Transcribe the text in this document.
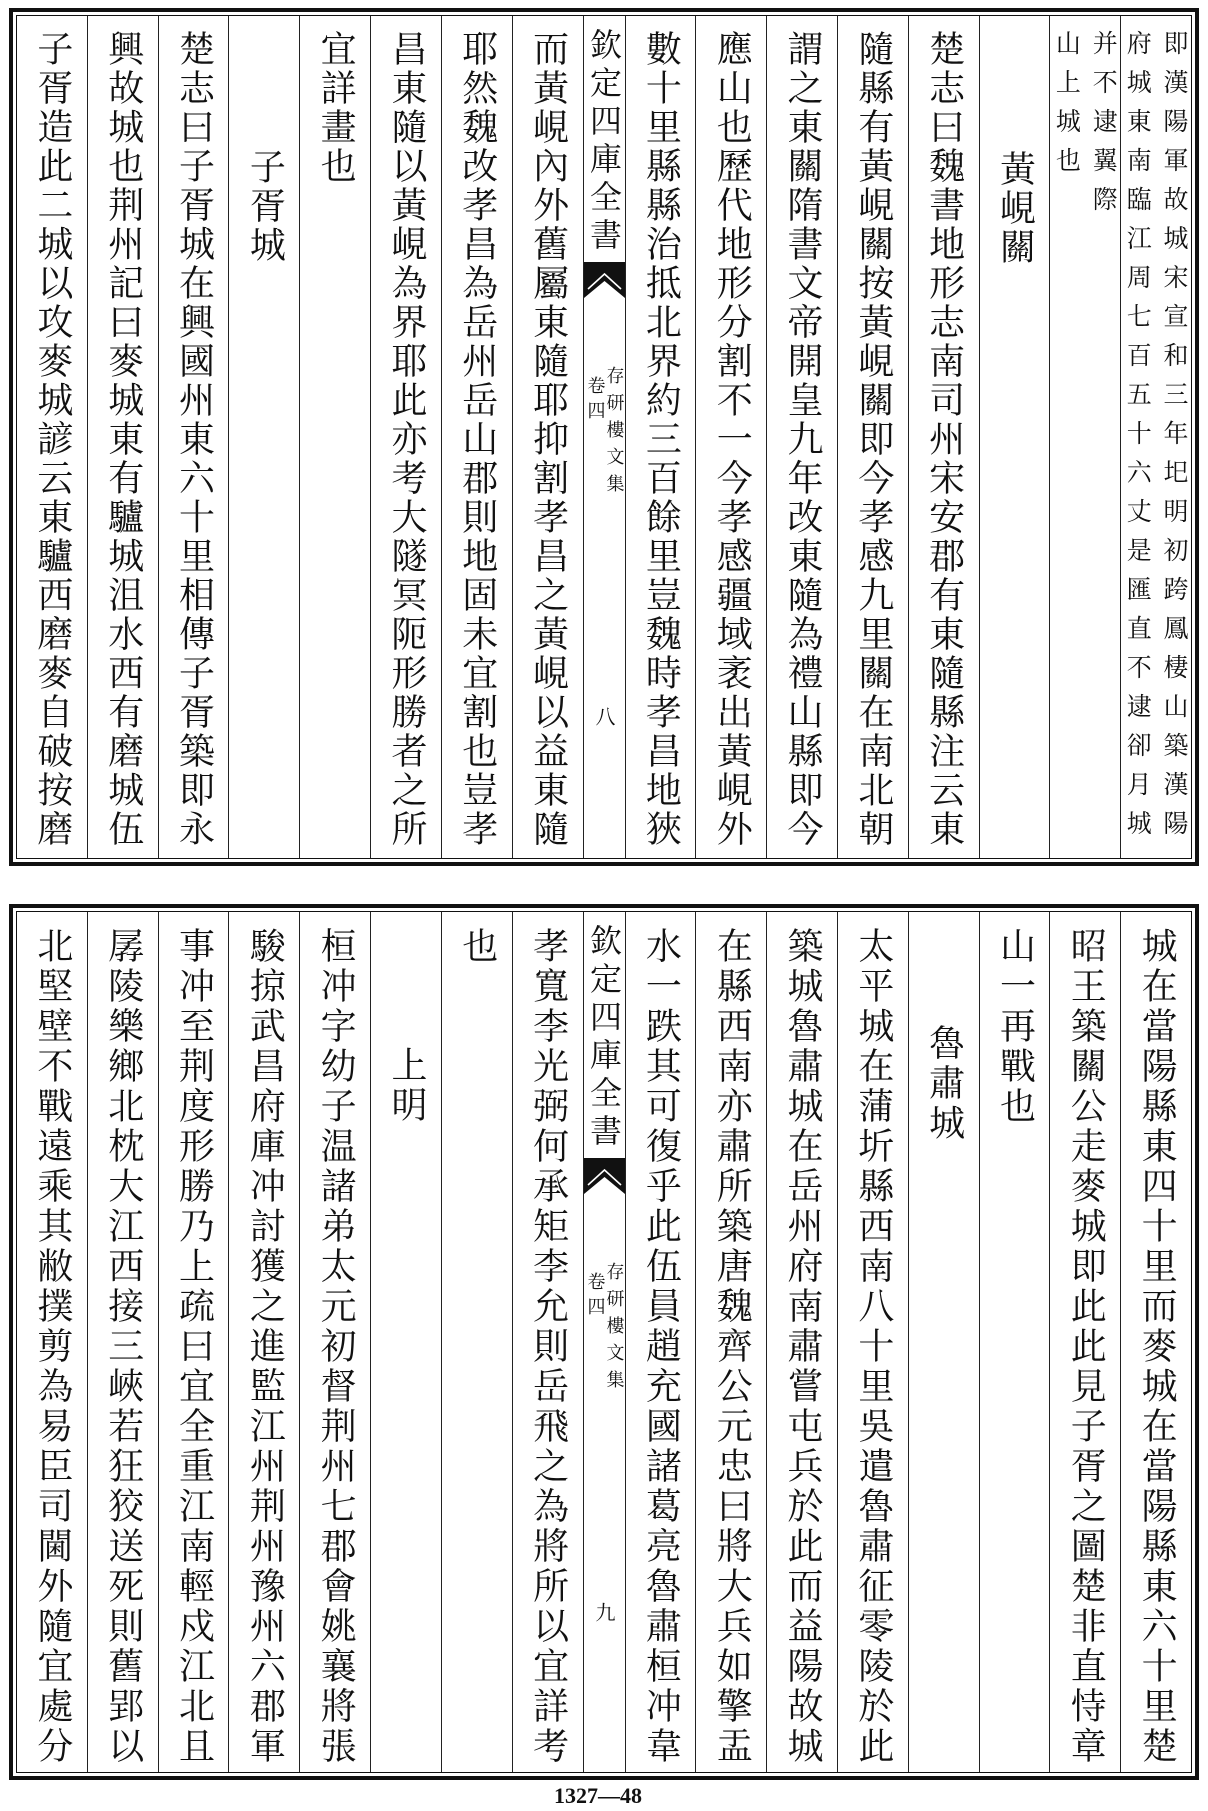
即漢陽軍故城宋宣和三年圯明初跨鳳棲山築漢陽
府城東南臨江周七百五十六丈是匯直不逮卻月城
并不逮翼際
山上城也
黃峴關
楚志曰魏書地形志南司州宋安郡有東隨縣注云東
隨縣有黃峴關按黃峴關即今孝感九里關在南北朝
謂之東關隋書文帝開皇九年改東隨為禮山縣即今
應山也歷代地形分割不一今孝感疆域袤出黃峴外
數十里縣縣治抵北界約三百餘里豈魏時孝昌地狹
欽定四庫全書
存研樓文集
卷四
八
而黃峴內外舊屬東隨耶抑割孝昌之黃峴以益東隨
耶然魏改孝昌為岳州岳山郡則地固未宜割也豈孝
昌東隨以黃峴為界耶此亦考大隧冥阨形勝者之所
宜詳畫也
子胥城
楚志曰子胥城在興國州東六十里相傳子胥築即永
興故城也荆州記曰麥城東有驢城沮水西有磨城伍
子胥造此二城以攻麥城諺云東驢西磨麥自破按磨
城在當陽縣東四十里而麥城在當陽縣東六十里楚
昭王築關公走麥城即此此見子胥之圖楚非直恃章
山一再戰也
魯肅城
太平城在蒲圻縣西南八十里吳遣魯肅征零陵於此
築城魯肅城在岳州府南肅嘗屯兵於此而益陽故城
在縣西南亦肅所築唐魏齊公元忠曰將大兵如擎盂
水一跌其可復乎此伍員趙充國諸葛亮魯肅桓冲韋
欽定四庫全書
存研樓文集
卷四
九
孝寬李光弼何承矩李允則岳飛之為將所以宜詳考
也
上明
桓冲字幼子温諸弟太元初督荆州七郡會姚襄將張
駿掠武昌府庫冲討獲之進監江州荆州豫州六郡軍
事冲至荆度形勝乃上疏曰宜全重江南輕戍江北且
孱陵樂鄉北枕大江西接三峽若狂狡送死則舊郢以
北堅壁不戰遠乘其敝撲剪為易臣司閫外隨宜處分
1327—48
